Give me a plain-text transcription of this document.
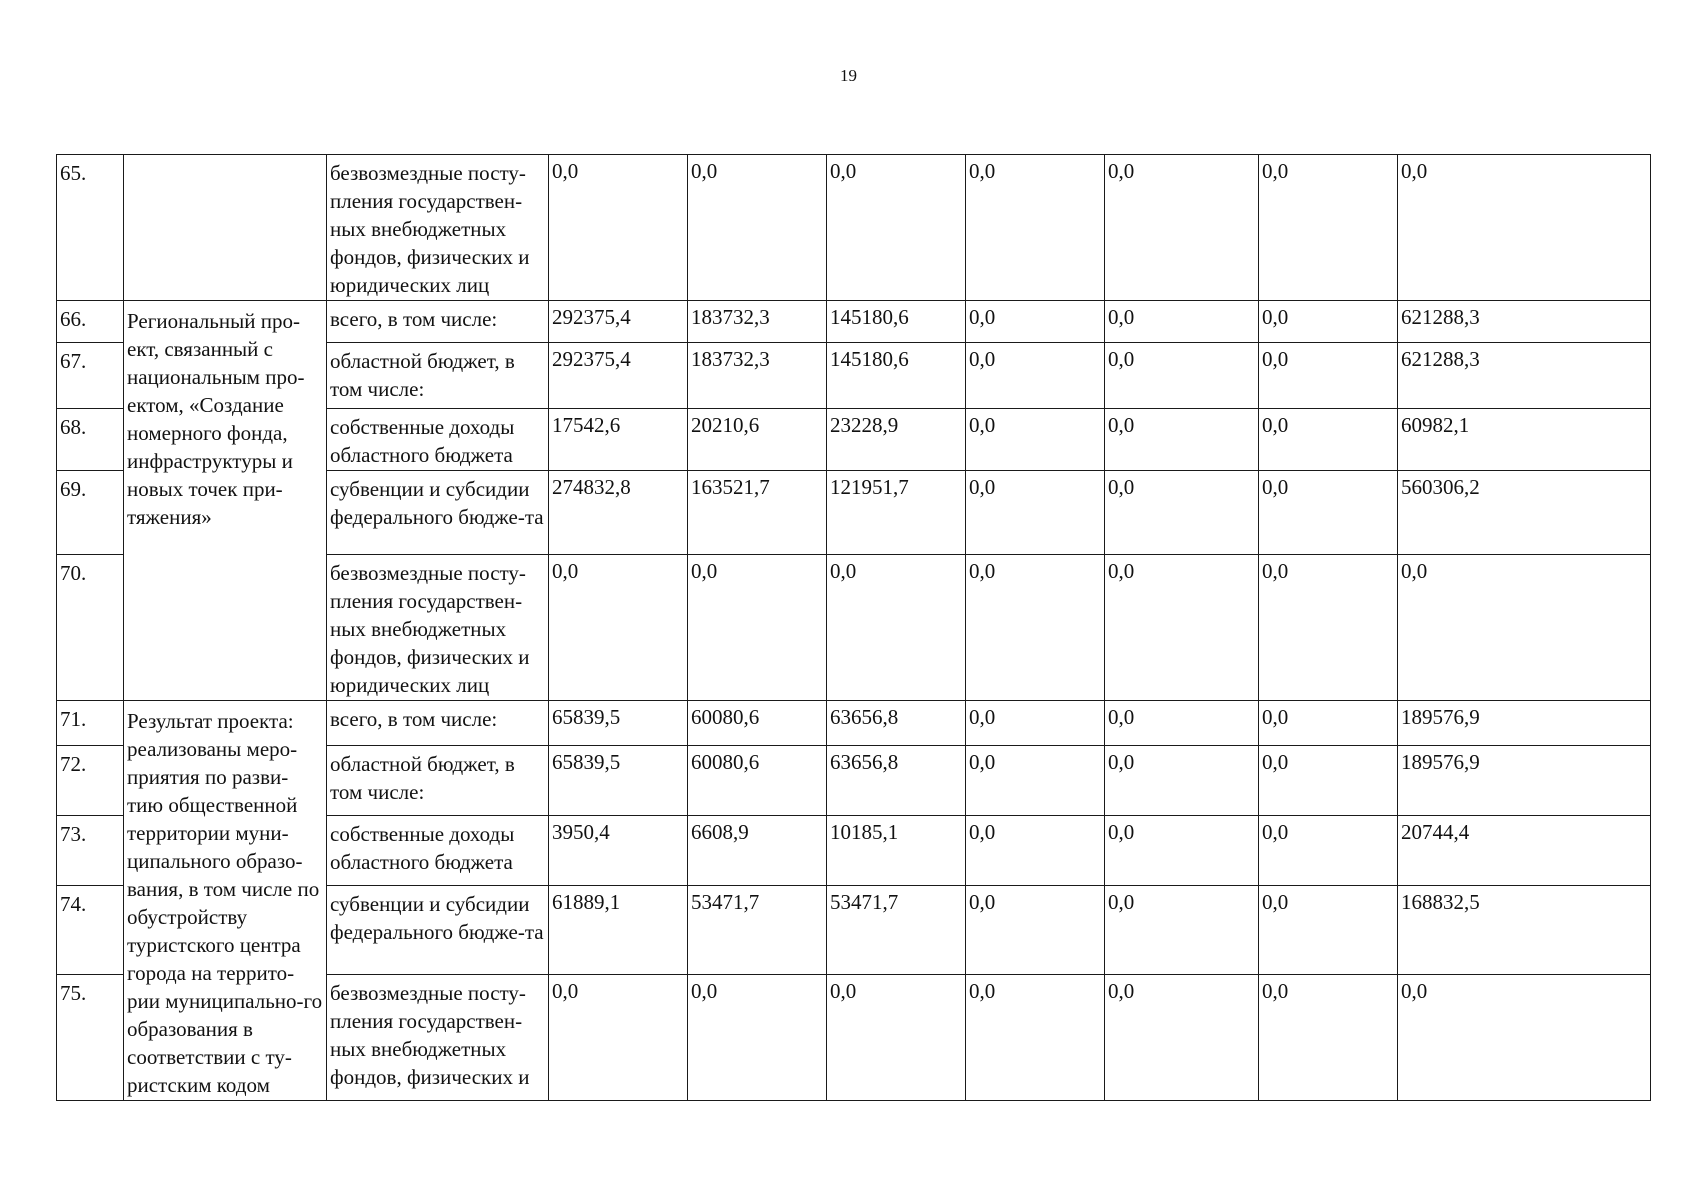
19
65.		безвозмездные посту-пления государствен-ных внебюджетных фондов, физических и юридических лиц	0,0	0,0	0,0	0,0	0,0	0,0	0,0
66.	Региональный про-ект, связанный с национальным про-ектом, «Создание номерного фонда, инфраструктуры и новых точек при-тяжения»	всего, в том числе:	292375,4	183732,3	145180,6	0,0	0,0	0,0	621288,3
67.		областной бюджет, в том числе:	292375,4	183732,3	145180,6	0,0	0,0	0,0	621288,3
68.		собственные доходы областного бюджета	17542,6	20210,6	23228,9	0,0	0,0	0,0	60982,1
69.		субвенции и субсидии федерального бюдже-та	274832,8	163521,7	121951,7	0,0	0,0	0,0	560306,2
70.		безвозмездные посту-пления государствен-ных внебюджетных фондов, физических и юридических лиц	0,0	0,0	0,0	0,0	0,0	0,0	0,0
71.	Результат проекта: реализованы меро-приятия по разви-тию общественной территории муни-ципального образо-вания, в том числе по обустройству туристского центра города на террито-рии муниципально-го образования в соответствии с ту-ристским кодом	всего, в том числе:	65839,5	60080,6	63656,8	0,0	0,0	0,0	189576,9
72.		областной бюджет, в том числе:	65839,5	60080,6	63656,8	0,0	0,0	0,0	189576,9
73.		собственные доходы областного бюджета	3950,4	6608,9	10185,1	0,0	0,0	0,0	20744,4
74.		субвенции и субсидии федерального бюдже-та	61889,1	53471,7	53471,7	0,0	0,0	0,0	168832,5
75.		безвозмездные посту-пления государствен-ных внебюджетных фондов, физических и	0,0	0,0	0,0	0,0	0,0	0,0	0,0
